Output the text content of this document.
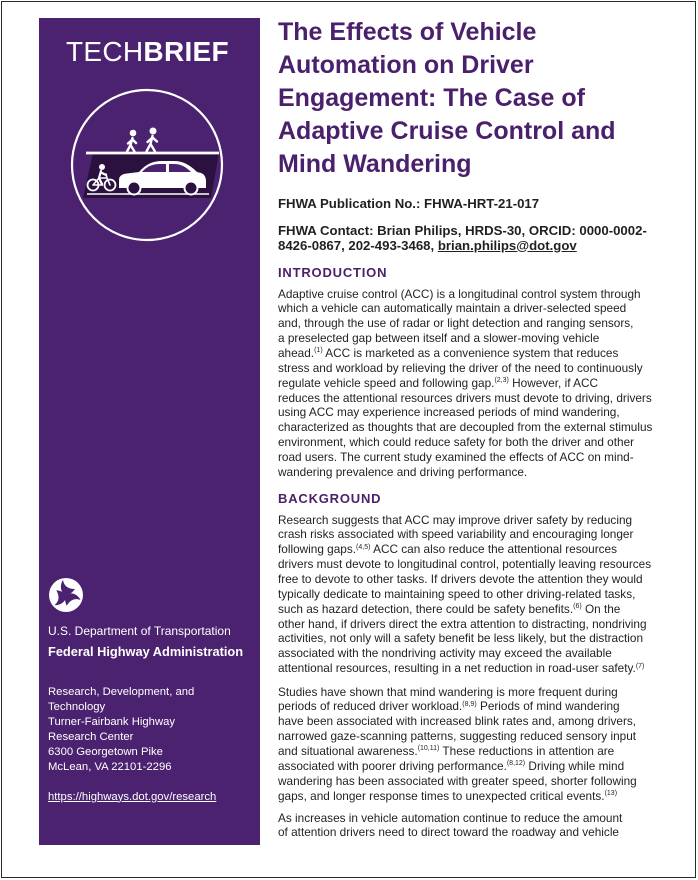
TECHBRIEF
U.S. Department of Transportation
Federal Highway Administration
Research, Development, and
Technology
Turner-Fairbank Highway
Research Center
6300 Georgetown Pike
McLean, VA 22101-2296
https://highways.dot.gov/research
The Effects of Vehicle
Automation on Driver
Engagement: The Case of
Adaptive Cruise Control and
Mind Wandering
FHWA Publication No.: FHWA-HRT-21-017
FHWA Contact: Brian Philips, HRDS-30, ORCID: 0000-0002-
8426-0867, 202-493-3468, brian.philips@dot.gov
INTRODUCTION
Adaptive cruise control (ACC) is a longitudinal control system through
which a vehicle can automatically maintain a driver-selected speed
and, through the use of radar or light detection and ranging sensors,
a preselected gap between itself and a slower-moving vehicle
ahead.$^{(1)}$ ACC is marketed as a convenience system that reduces
stress and workload by relieving the driver of the need to continuously
regulate vehicle speed and following gap.$^{(2,3)}$ However, if ACC
reduces the attentional resources drivers must devote to driving, drivers
using ACC may experience increased periods of mind wandering,
characterized as thoughts that are decoupled from the external stimulus
environment, which could reduce safety for both the driver and other
road users. The current study examined the effects of ACC on mind-
wandering prevalence and driving performance.
BACKGROUND
Research suggests that ACC may improve driver safety by reducing
crash risks associated with speed variability and encouraging longer
following gaps.$^{(4,5)}$ ACC can also reduce the attentional resources
drivers must devote to longitudinal control, potentially leaving resources
free to devote to other tasks. If drivers devote the attention they would
typically dedicate to maintaining speed to other driving-related tasks,
such as hazard detection, there could be safety benefits.$^{(6)}$ On the
other hand, if drivers direct the extra attention to distracting, nondriving
activities, not only will a safety benefit be less likely, but the distraction
associated with the nondriving activity may exceed the available
attentional resources, resulting in a net reduction in road-user safety.$^{(7)}$
Studies have shown that mind wandering is more frequent during
periods of reduced driver workload.$^{(8,9)}$ Periods of mind wandering
have been associated with increased blink rates and, among drivers,
narrowed gaze-scanning patterns, suggesting reduced sensory input
and situational awareness.$^{(10,11)}$ These reductions in attention are
associated with poorer driving performance.$^{(8,12)}$ Driving while mind
wandering has been associated with greater speed, shorter following
gaps, and longer response times to unexpected critical events.$^{(13)}$
As increases in vehicle automation continue to reduce the amount
of attention drivers need to direct toward the roadway and vehicle
